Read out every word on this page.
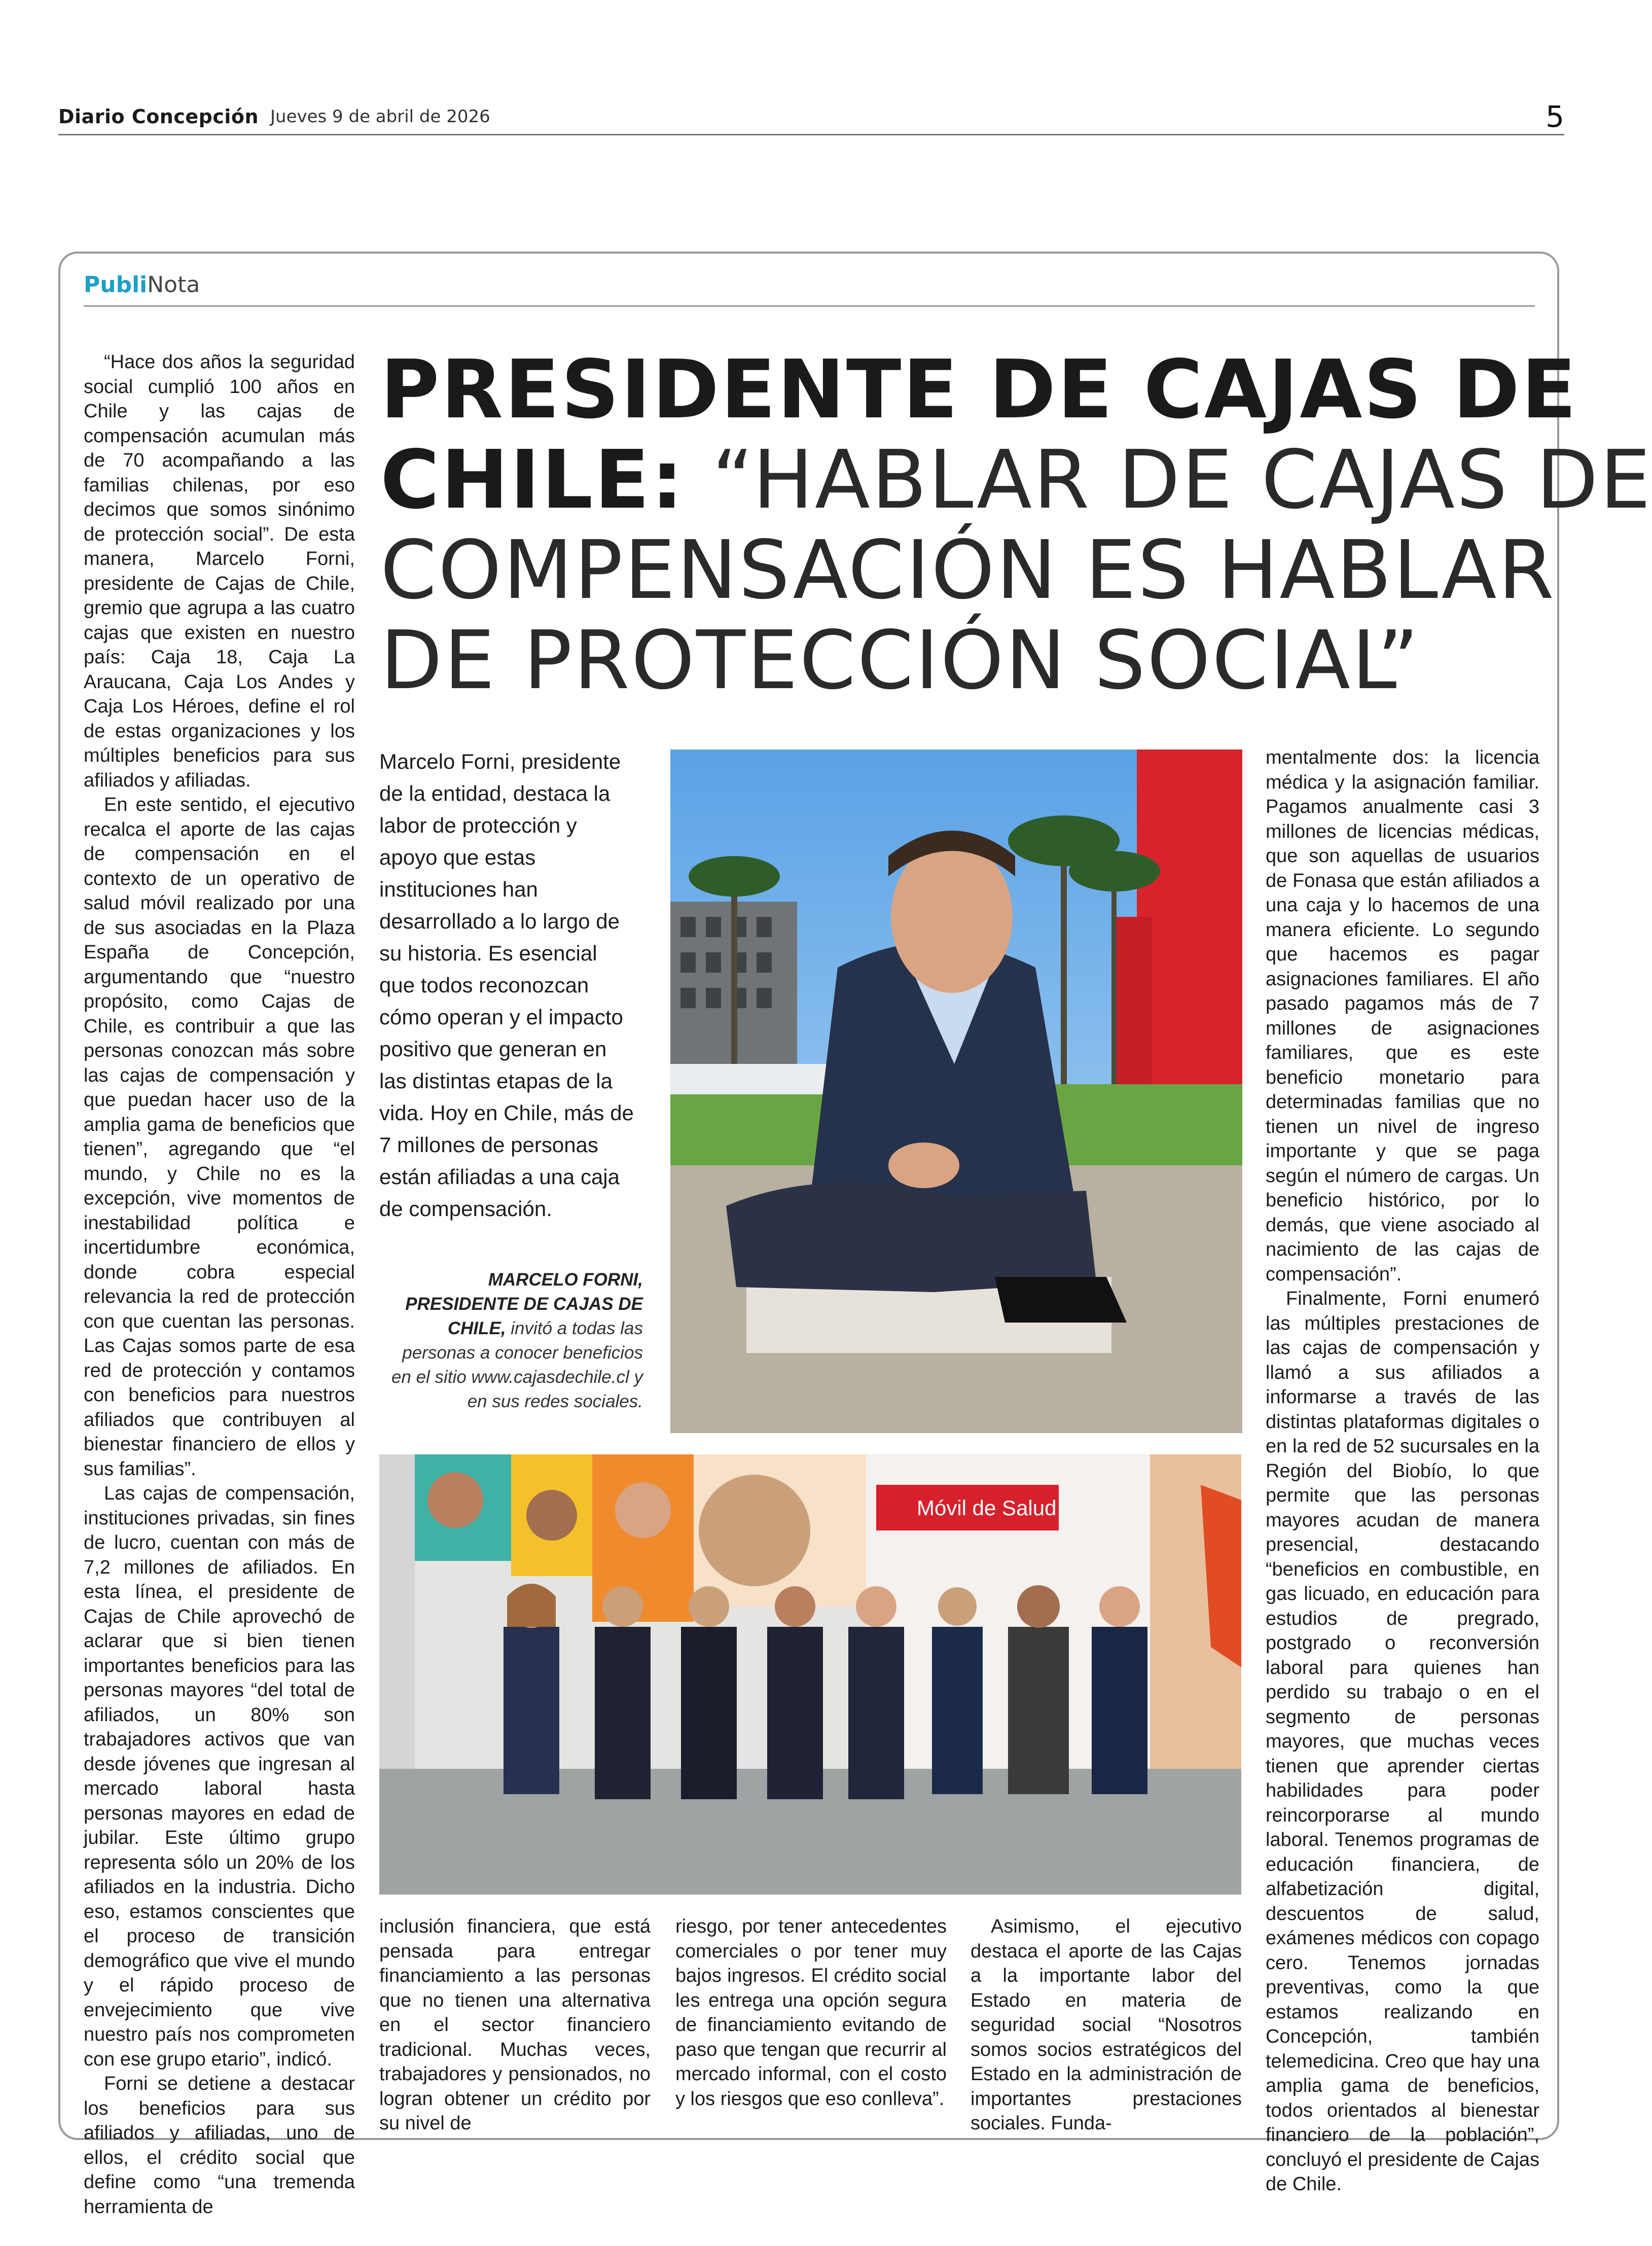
Diario Concepción Jueves 9 de abril de 2026	5
PubliNota
PRESIDENTE DE CAJAS DE
CHILE: “HABLAR DE CAJAS DE
COMPENSACIÓN ES HABLAR
DE PROTECCIÓN SOCIAL”

“Hace dos años la seguridad social cumplió 100 años en Chile y las cajas de compensación acumulan más de 70 acompañando a las familias chilenas, por eso decimos que somos sinónimo de protección social”. De esta manera, Marcelo Forni, presidente de Cajas de Chile, gremio que agrupa a las cuatro cajas que existen en nuestro país: Caja 18, Caja La Araucana, Caja Los Andes y Caja Los Héroes, define el rol de estas organizaciones y los múltiples beneficios para sus afiliados y afiliadas.

En este sentido, el ejecutivo recalca el aporte de las cajas de compensación en el contexto de un operativo de salud móvil realizado por una de sus asociadas en la Plaza España de Concepción, argumentando que “nuestro propósito, como Cajas de Chile, es contribuir a que las personas conozcan más sobre las cajas de compensación y que puedan hacer uso de la amplia gama de beneficios que tienen”, agregando que “el mundo, y Chile no es la excepción, vive momentos de inestabilidad política e incertidumbre económica, donde cobra especial relevancia la red de protección con que cuentan las personas. Las Cajas somos parte de esa red de protección y contamos con beneficios para nuestros afiliados que contribuyen al bienestar financiero de ellos y sus familias”.

Las cajas de compensación, instituciones privadas, sin fines de lucro, cuentan con más de 7,2 millones de afiliados. En esta línea, el presidente de Cajas de Chile aprovechó de aclarar que si bien tienen importantes beneficios para las personas mayores “del total de afiliados, un 80% son trabajadores activos que van desde jóvenes que ingresan al mercado laboral hasta personas mayores en edad de jubilar. Este último grupo representa sólo un 20% de los afiliados en la industria. Dicho eso, estamos conscientes que el proceso de transición demográfico que vive el mundo y el rápido proceso de envejecimiento que vive nuestro país nos comprometen con ese grupo etario”, indicó.

Forni se detiene a destacar los beneficios para sus afiliados y afiliadas, uno de ellos, el crédito social que define como “una tremenda herramienta de

Marcelo Forni, presidente de la entidad, destaca la labor de protección y apoyo que estas instituciones han desarrollado a lo largo de su historia. Es esencial que todos reconozcan cómo operan y el impacto positivo que generan en las distintas etapas de la vida. Hoy en Chile, más de 7 millones de personas están afiliadas a una caja de compensación.
MARCELO FORNI, PRESIDENTE DE CAJAS DE CHILE, invitó a todas las personas a conocer beneficios en el sitio www.cajasdechile.cl y en sus redes sociales.
Móvil de Salud

inclusión financiera, que está pensada para entregar financiamiento a las personas que no tienen una alternativa en el sector financiero tradicional. Muchas veces, trabajadores y pensionados, no logran obtener un crédito por su nivel de

riesgo, por tener antecedentes comerciales o por tener muy bajos ingresos. El crédito social les entrega una opción segura de financiamiento evitando de paso que tengan que recurrir al mercado informal, con el costo y los riesgos que eso conlleva”.

Asimismo, el ejecutivo destaca el aporte de las Cajas a la importante labor del Estado en materia de seguridad social “Nosotros somos socios estratégicos del Estado en la administración de importantes prestaciones sociales. Funda-

mentalmente dos: la licencia médica y la asignación familiar. Pagamos anualmente casi 3 millones de licencias médicas, que son aquellas de usuarios de Fonasa que están afiliados a una caja y lo hacemos de una manera eficiente. Lo segundo que hacemos es pagar asignaciones familiares. El año pasado pagamos más de 7 millones de asignaciones familiares, que es este beneficio monetario para determinadas familias que no tienen un nivel de ingreso importante y que se paga según el número de cargas. Un beneficio histórico, por lo demás, que viene asociado al nacimiento de las cajas de compensación”.

Finalmente, Forni enumeró las múltiples prestaciones de las cajas de compensación y llamó a sus afiliados a informarse a través de las distintas plataformas digitales o en la red de 52 sucursales en la Región del Biobío, lo que permite que las personas mayores acudan de manera presencial, destacando “beneficios en combustible, en gas licuado, en educación para estudios de pregrado, postgrado o reconversión laboral para quienes han perdido su trabajo o en el segmento de personas mayores, que muchas veces tienen que aprender ciertas habilidades para poder reincorporarse al mundo laboral. Tenemos programas de educación financiera, de alfabetización digital, descuentos de salud, exámenes médicos con copago cero. Tenemos jornadas preventivas, como la que estamos realizando en Concepción, también telemedicina. Creo que hay una amplia gama de beneficios, todos orientados al bienestar financiero de la población”, concluyó el presidente de Cajas de Chile.
